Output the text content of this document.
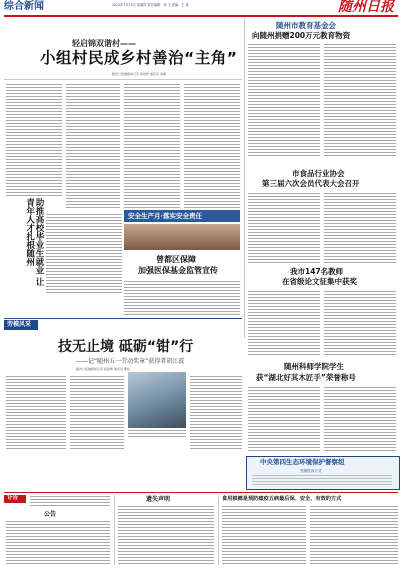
综合新闻	2023年7月13日 星期四 责任编辑：刘 飞 美编：王 欢	随州日报
轻启锦双谐村——
小组村民成乡村善治“主角”
随州日报融媒体记者 杨建勇 通讯员 刘渊
助推高校毕业生就业 让青年人才扎根随州	安全生产月·落实安全责任
曾都区保障
加强医保基金监管宣传
随州市教育基金会
向随州捐赠200万元教育物资
市食品行业协会
第三届六次会员代表大会召开
我市147名教师
在省级论文征集中获奖
随州科师学院学生
获“湖北好其木匠手”荣誉称号
中央第四生态环境保护督察组
受理投诉方式
劳模风采
技无止境 砥砺“钳”行
——记“随州五一劳动奖章”获得者胡江波
随州日报融媒体记者 杨建勇 通讯员 曹斌
讣告
公告
遗失声明	食用槟榔是预防瘟疫五病最后保、安全、有效的方式
